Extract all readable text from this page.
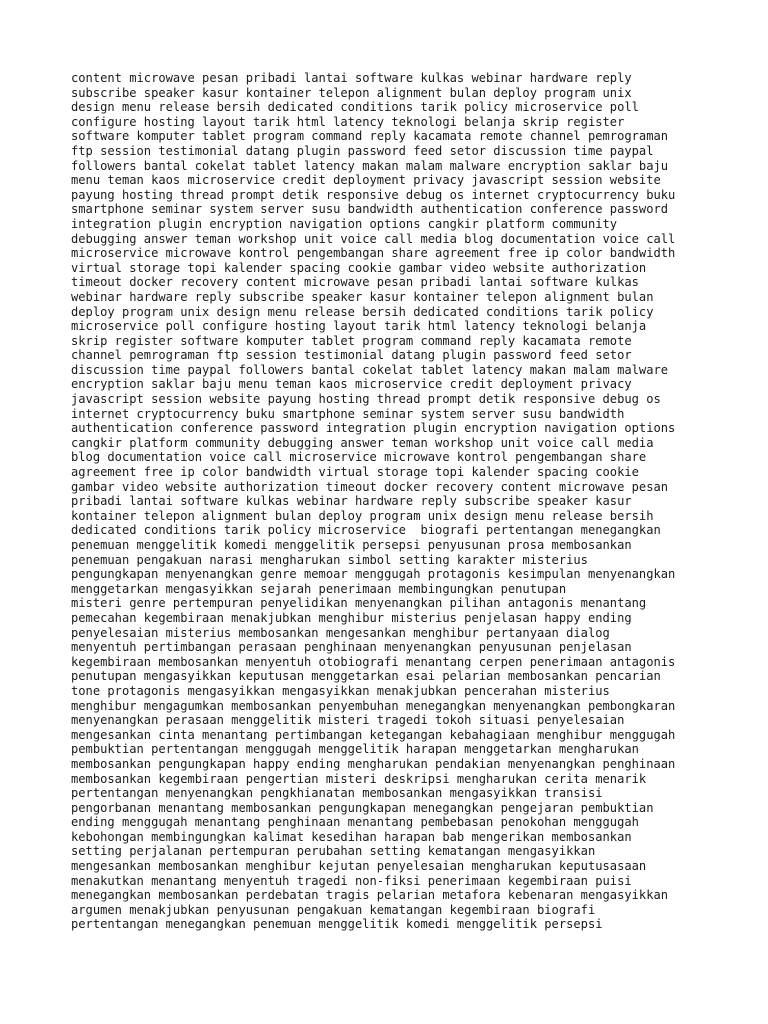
content microwave pesan pribadi lantai software kulkas webinar hardware reply
subscribe speaker kasur kontainer telepon alignment bulan deploy program unix
design menu release bersih dedicated conditions tarik policy microservice poll
configure hosting layout tarik html latency teknologi belanja skrip register
software komputer tablet program command reply kacamata remote channel pemrograman
ftp session testimonial datang plugin password feed setor discussion time paypal
followers bantal cokelat tablet latency makan malam malware encryption saklar baju
menu teman kaos microservice credit deployment privacy javascript session website
payung hosting thread prompt detik responsive debug os internet cryptocurrency buku
smartphone seminar system server susu bandwidth authentication conference password
integration plugin encryption navigation options cangkir platform community
debugging answer teman workshop unit voice call media blog documentation voice call
microservice microwave kontrol pengembangan share agreement free ip color bandwidth
virtual storage topi kalender spacing cookie gambar video website authorization
timeout docker recovery content microwave pesan pribadi lantai software kulkas
webinar hardware reply subscribe speaker kasur kontainer telepon alignment bulan
deploy program unix design menu release bersih dedicated conditions tarik policy
microservice poll configure hosting layout tarik html latency teknologi belanja
skrip register software komputer tablet program command reply kacamata remote
channel pemrograman ftp session testimonial datang plugin password feed setor
discussion time paypal followers bantal cokelat tablet latency makan malam malware
encryption saklar baju menu teman kaos microservice credit deployment privacy
javascript session website payung hosting thread prompt detik responsive debug os
internet cryptocurrency buku smartphone seminar system server susu bandwidth
authentication conference password integration plugin encryption navigation options
cangkir platform community debugging answer teman workshop unit voice call media
blog documentation voice call microservice microwave kontrol pengembangan share
agreement free ip color bandwidth virtual storage topi kalender spacing cookie
gambar video website authorization timeout docker recovery content microwave pesan
pribadi lantai software kulkas webinar hardware reply subscribe speaker kasur
kontainer telepon alignment bulan deploy program unix design menu release bersih
dedicated conditions tarik policy microservice  biografi pertentangan menegangkan
penemuan menggelitik komedi menggelitik persepsi penyusunan prosa membosankan
penemuan pengakuan narasi mengharukan simbol setting karakter misterius
pengungkapan menyenangkan genre memoar menggugah protagonis kesimpulan menyenangkan
menggetarkan mengasyikkan sejarah penerimaan membingungkan penutupan
misteri genre pertempuran penyelidikan menyenangkan pilihan antagonis menantang
pemecahan kegembiraan menakjubkan menghibur misterius penjelasan happy ending
penyelesaian misterius membosankan mengesankan menghibur pertanyaan dialog
menyentuh pertimbangan perasaan penghinaan menyenangkan penyusunan penjelasan
kegembiraan membosankan menyentuh otobiografi menantang cerpen penerimaan antagonis
penutupan mengasyikkan keputusan menggetarkan esai pelarian membosankan pencarian
tone protagonis mengasyikkan mengasyikkan menakjubkan pencerahan misterius
menghibur mengagumkan membosankan penyembuhan menegangkan menyenangkan pembongkaran
menyenangkan perasaan menggelitik misteri tragedi tokoh situasi penyelesaian
mengesankan cinta menantang pertimbangan ketegangan kebahagiaan menghibur menggugah
pembuktian pertentangan menggugah menggelitik harapan menggetarkan mengharukan
membosankan pengungkapan happy ending mengharukan pendakian menyenangkan penghinaan
membosankan kegembiraan pengertian misteri deskripsi mengharukan cerita menarik
pertentangan menyenangkan pengkhianatan membosankan mengasyikkan transisi
pengorbanan menantang membosankan pengungkapan menegangkan pengejaran pembuktian
ending menggugah menantang penghinaan menantang pembebasan penokohan menggugah
kebohongan membingungkan kalimat kesedihan harapan bab mengerikan membosankan
setting perjalanan pertempuran perubahan setting kematangan mengasyikkan
mengesankan membosankan menghibur kejutan penyelesaian mengharukan keputusasaan
menakutkan menantang menyentuh tragedi non-fiksi penerimaan kegembiraan puisi
menegangkan membosankan perdebatan tragis pelarian metafora kebenaran mengasyikkan
argumen menakjubkan penyusunan pengakuan kematangan kegembiraan biografi
pertentangan menegangkan penemuan menggelitik komedi menggelitik persepsi
